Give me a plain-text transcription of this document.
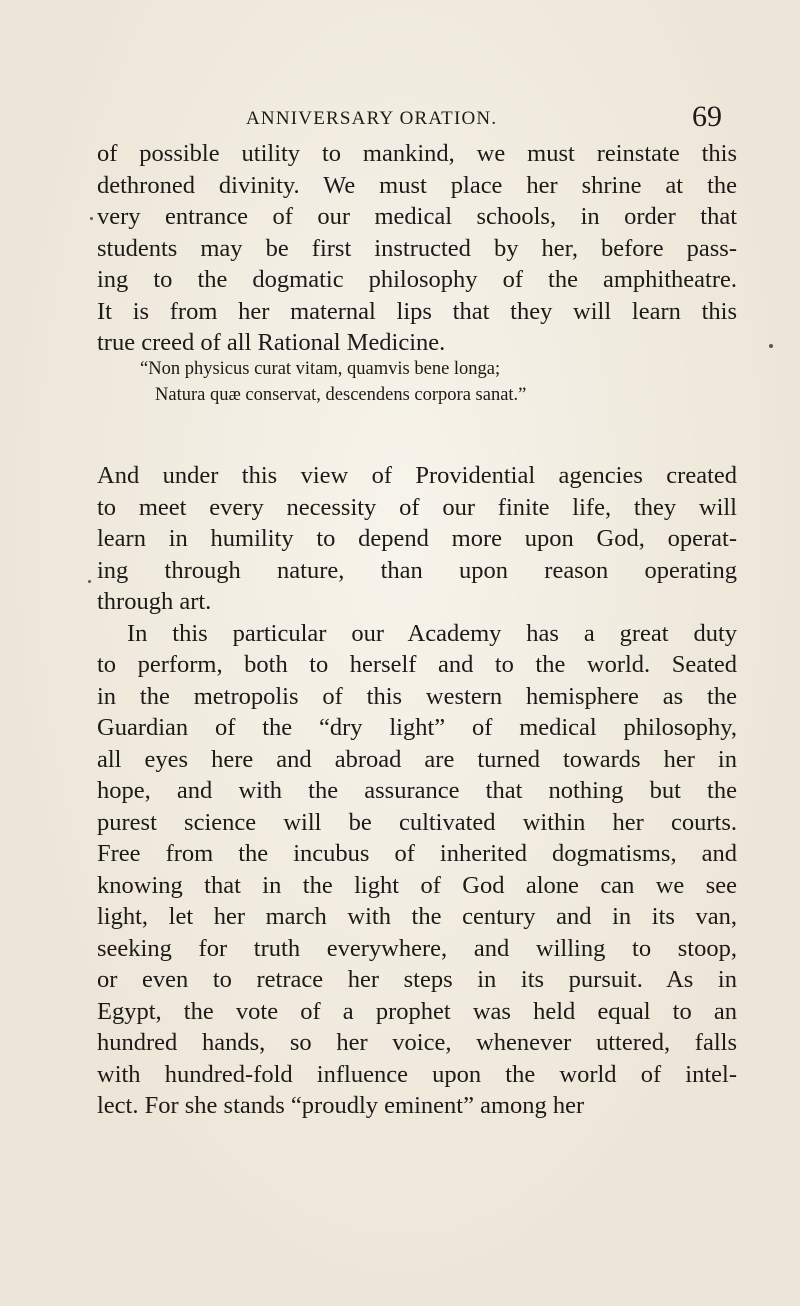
ANNIVERSARY ORATION.	69
of possible utility to mankind, we must reinstate this
dethroned divinity. We must place her shrine at the
very entrance of our medical schools, in order that
students may be first instructed by her, before pass-
ing to the dogmatic philosophy of the amphitheatre.
It is from her maternal lips that they will learn this
true creed of all Rational Medicine.
“Non physicus curat vitam, quamvis bene longa;
Natura quæ conservat, descendens corpora sanat.”
And under this view of Providential agencies created
to meet every necessity of our finite life, they will
learn in humility to depend more upon God, operat-
ing through nature, than upon reason operating
through art.
In this particular our Academy has a great duty
to perform, both to herself and to the world. Seated
in the metropolis of this western hemisphere as the
Guardian of the “dry light” of medical philosophy,
all eyes here and abroad are turned towards her in
hope, and with the assurance that nothing but the
purest science will be cultivated within her courts.
Free from the incubus of inherited dogmatisms, and
knowing that in the light of God alone can we see
light, let her march with the century and in its van,
seeking for truth everywhere, and willing to stoop,
or even to retrace her steps in its pursuit. As in
Egypt, the vote of a prophet was held equal to an
hundred hands, so her voice, whenever uttered, falls
with hundred-fold influence upon the world of intel-
lect. For she stands “proudly eminent” among her
